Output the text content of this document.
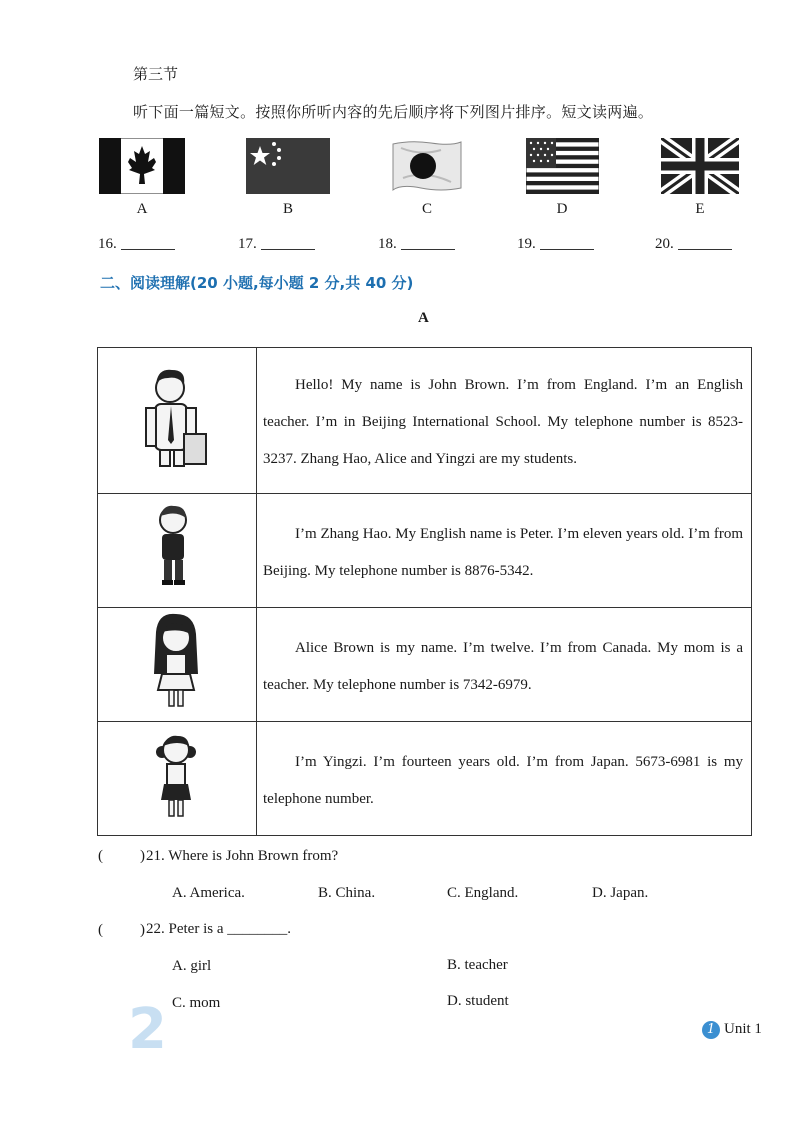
第三节
听下面一篇短文。按照你所听内容的先后顺序将下列图片排序。短文读两遍。
A	B	C	D	E
16.	17.	18.	19.	20.
二、阅读理解(20 小题,每小题 2 分,共 40 分)
A

Hello! My name is John Brown. I’m from England. I’m an English teacher. I’m in Beijing International School. My telephone number is 8523-3237. Zhang Hao, Alice and Yingzi are my students.

I’m Zhang Hao. My English name is Peter. I’m eleven years old. I’m from Beijing. My telephone number is 8876-5342.

Alice Brown is my name. I’m twelve. I’m from Canada. My mom is a teacher. My telephone number is 7342-6979.

I’m Yingzi. I’m fourteen years old. I’m from Japan. 5673-6981 is my telephone number.
( ) 21. Where is John Brown from?
A. America.	B. China.	C. England.	D. Japan.
( ) 22. Peter is a ________.
A. girl	B. teacher
C. mom	D. student
2	1 Unit 1
